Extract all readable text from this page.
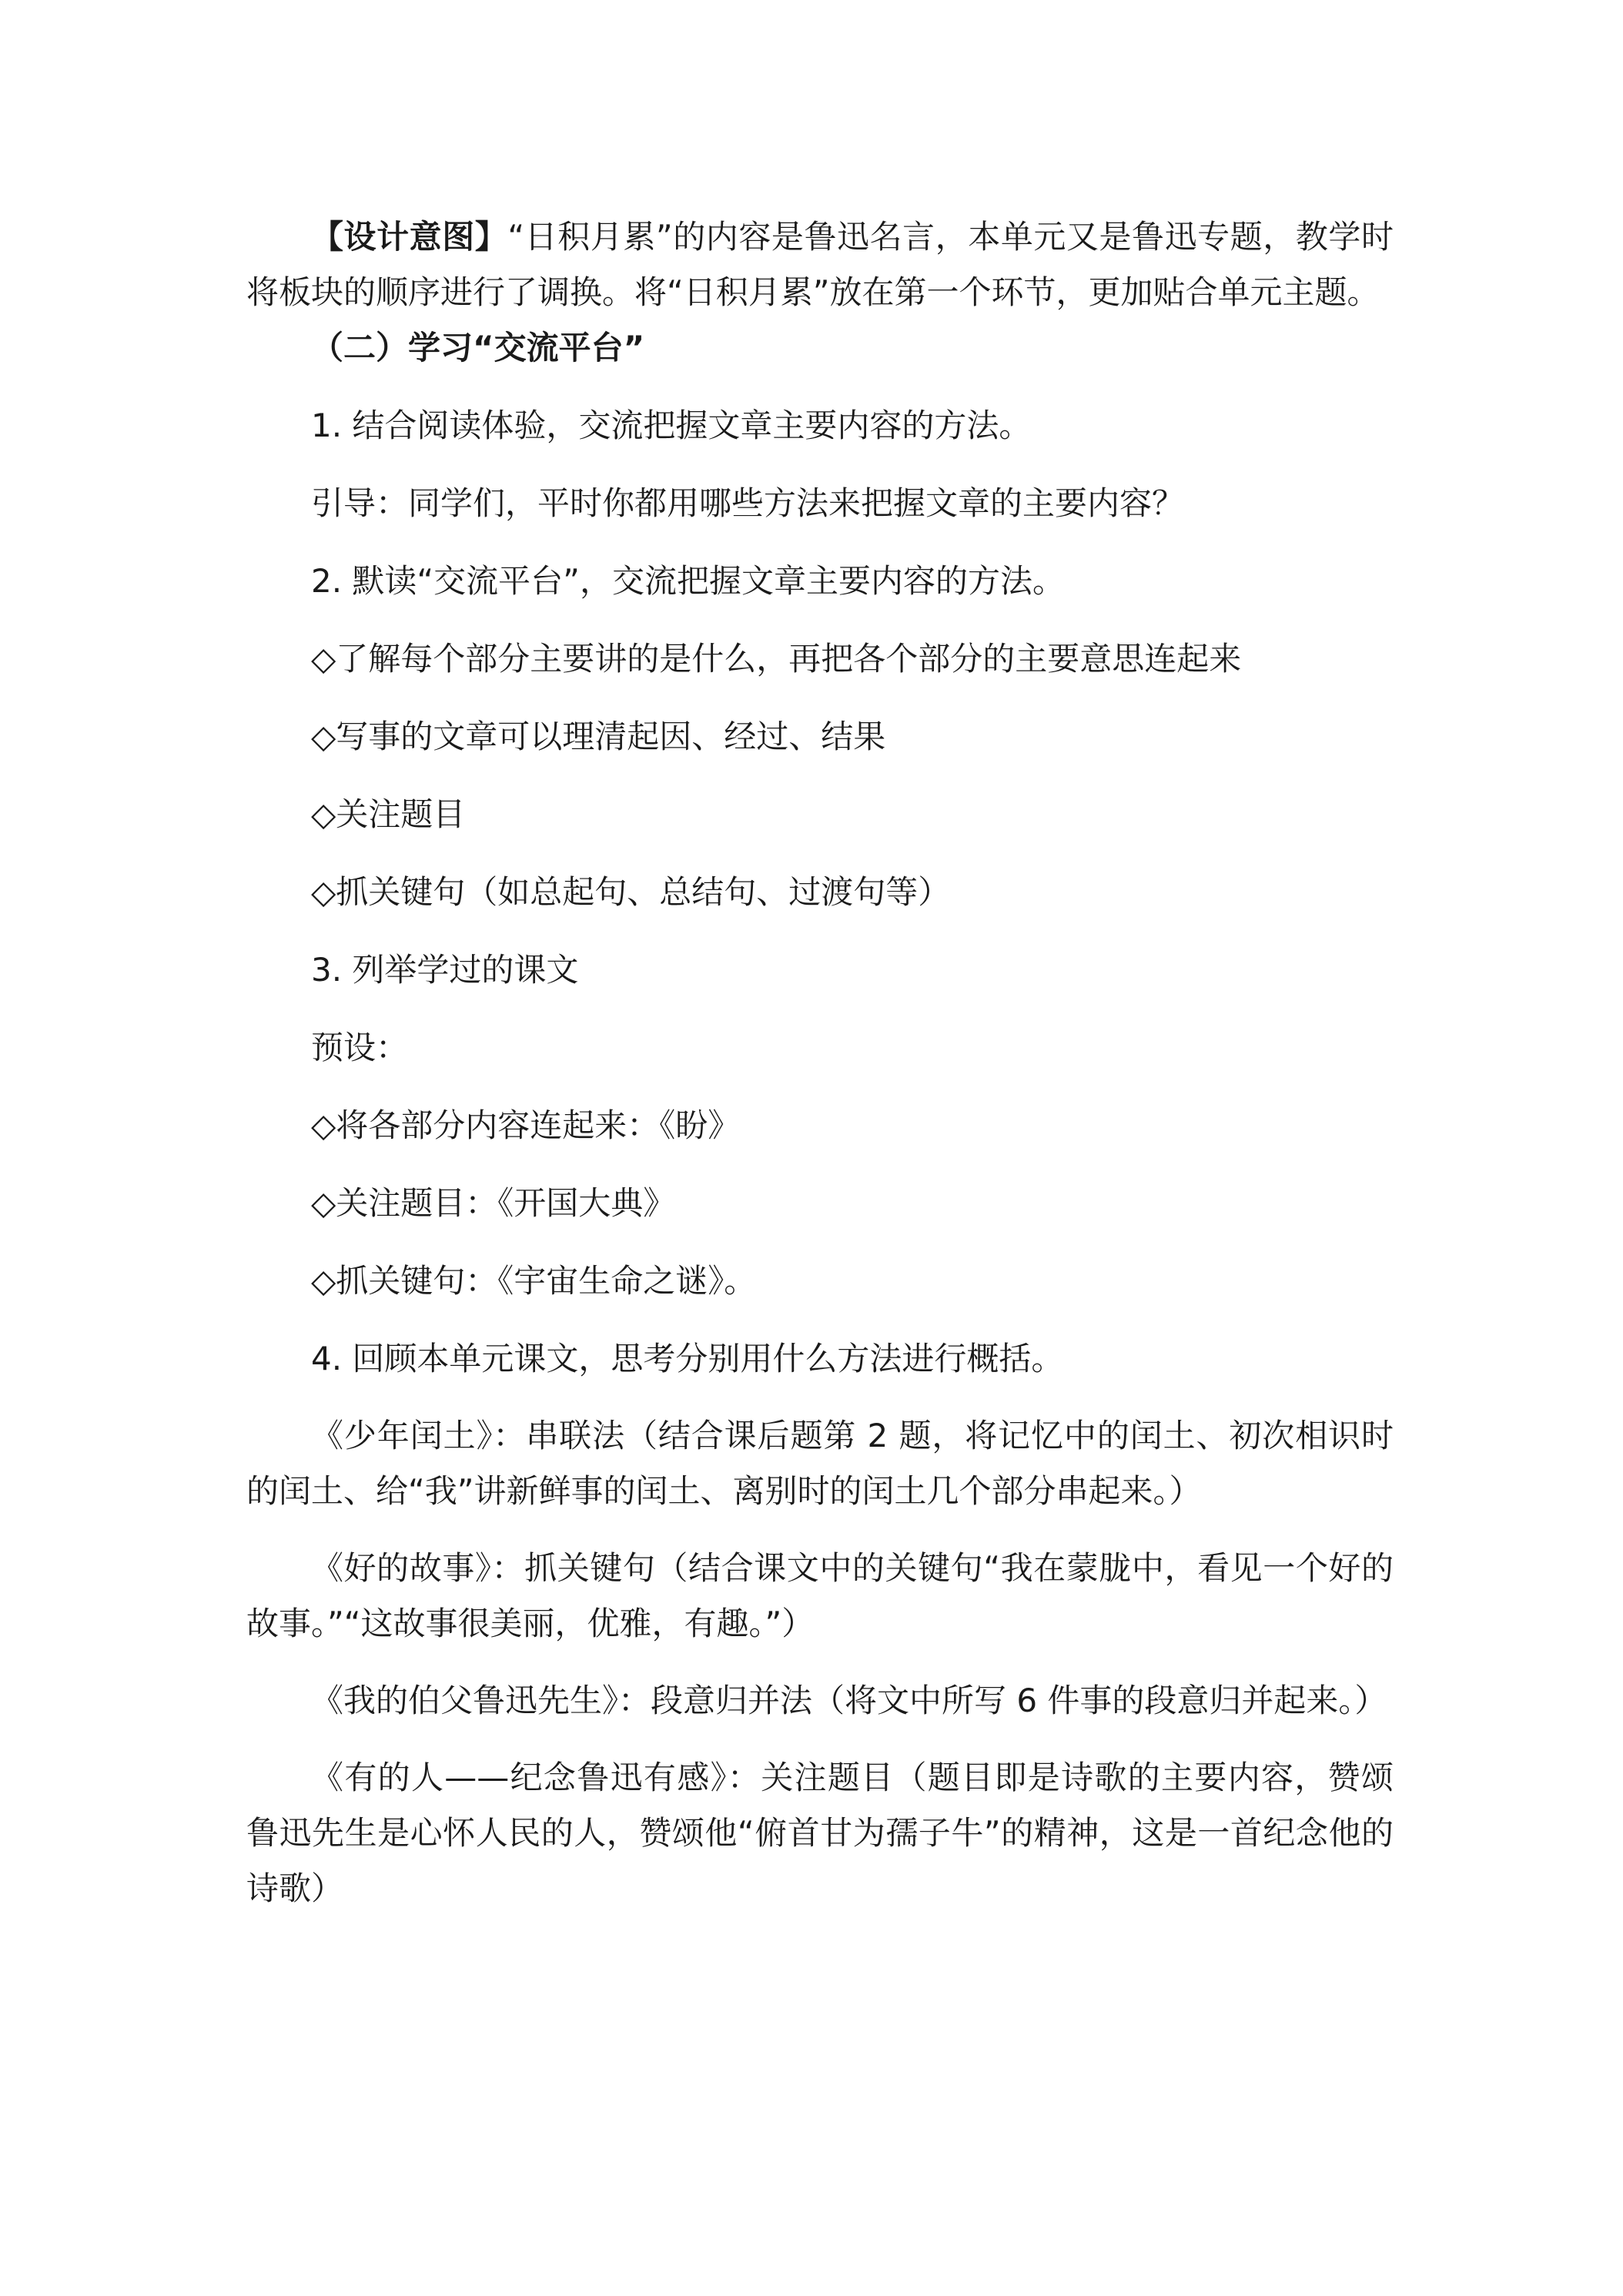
【设计意图】“日积月累”的内容是鲁迅名言，本单元又是鲁迅专题，教学时将板块的顺序进行了调换。将“日积月累”放在第一个环节，更加贴合单元主题。

（二）学习“交流平台”

1. 结合阅读体验，交流把握文章主要内容的方法。

引导：同学们，平时你都用哪些方法来把握文章的主要内容？

2. 默读“交流平台”，交流把握文章主要内容的方法。

◇了解每个部分主要讲的是什么，再把各个部分的主要意思连起来

◇写事的文章可以理清起因、经过、结果

◇关注题目

◇抓关键句（如总起句、总结句、过渡句等）

3. 列举学过的课文

预设：

◇将各部分内容连起来：《盼》

◇关注题目：《开国大典》

◇抓关键句：《宇宙生命之谜》。

4. 回顾本单元课文，思考分别用什么方法进行概括。

《少年闰土》：串联法（结合课后题第 2 题，将记忆中的闰土、初次相识时的闰土、给“我”讲新鲜事的闰土、离别时的闰土几个部分串起来。）

《好的故事》：抓关键句（结合课文中的关键句“我在蒙胧中，看见一个好的故事。”“这故事很美丽，优雅，有趣。”）

《我的伯父鲁迅先生》：段意归并法（将文中所写 6 件事的段意归并起来。）

《有的人——纪念鲁迅有感》：关注题目（题目即是诗歌的主要内容，赞颂鲁迅先生是心怀人民的人，赞颂他“俯首甘为孺子牛”的精神，这是一首纪念他的诗歌）
